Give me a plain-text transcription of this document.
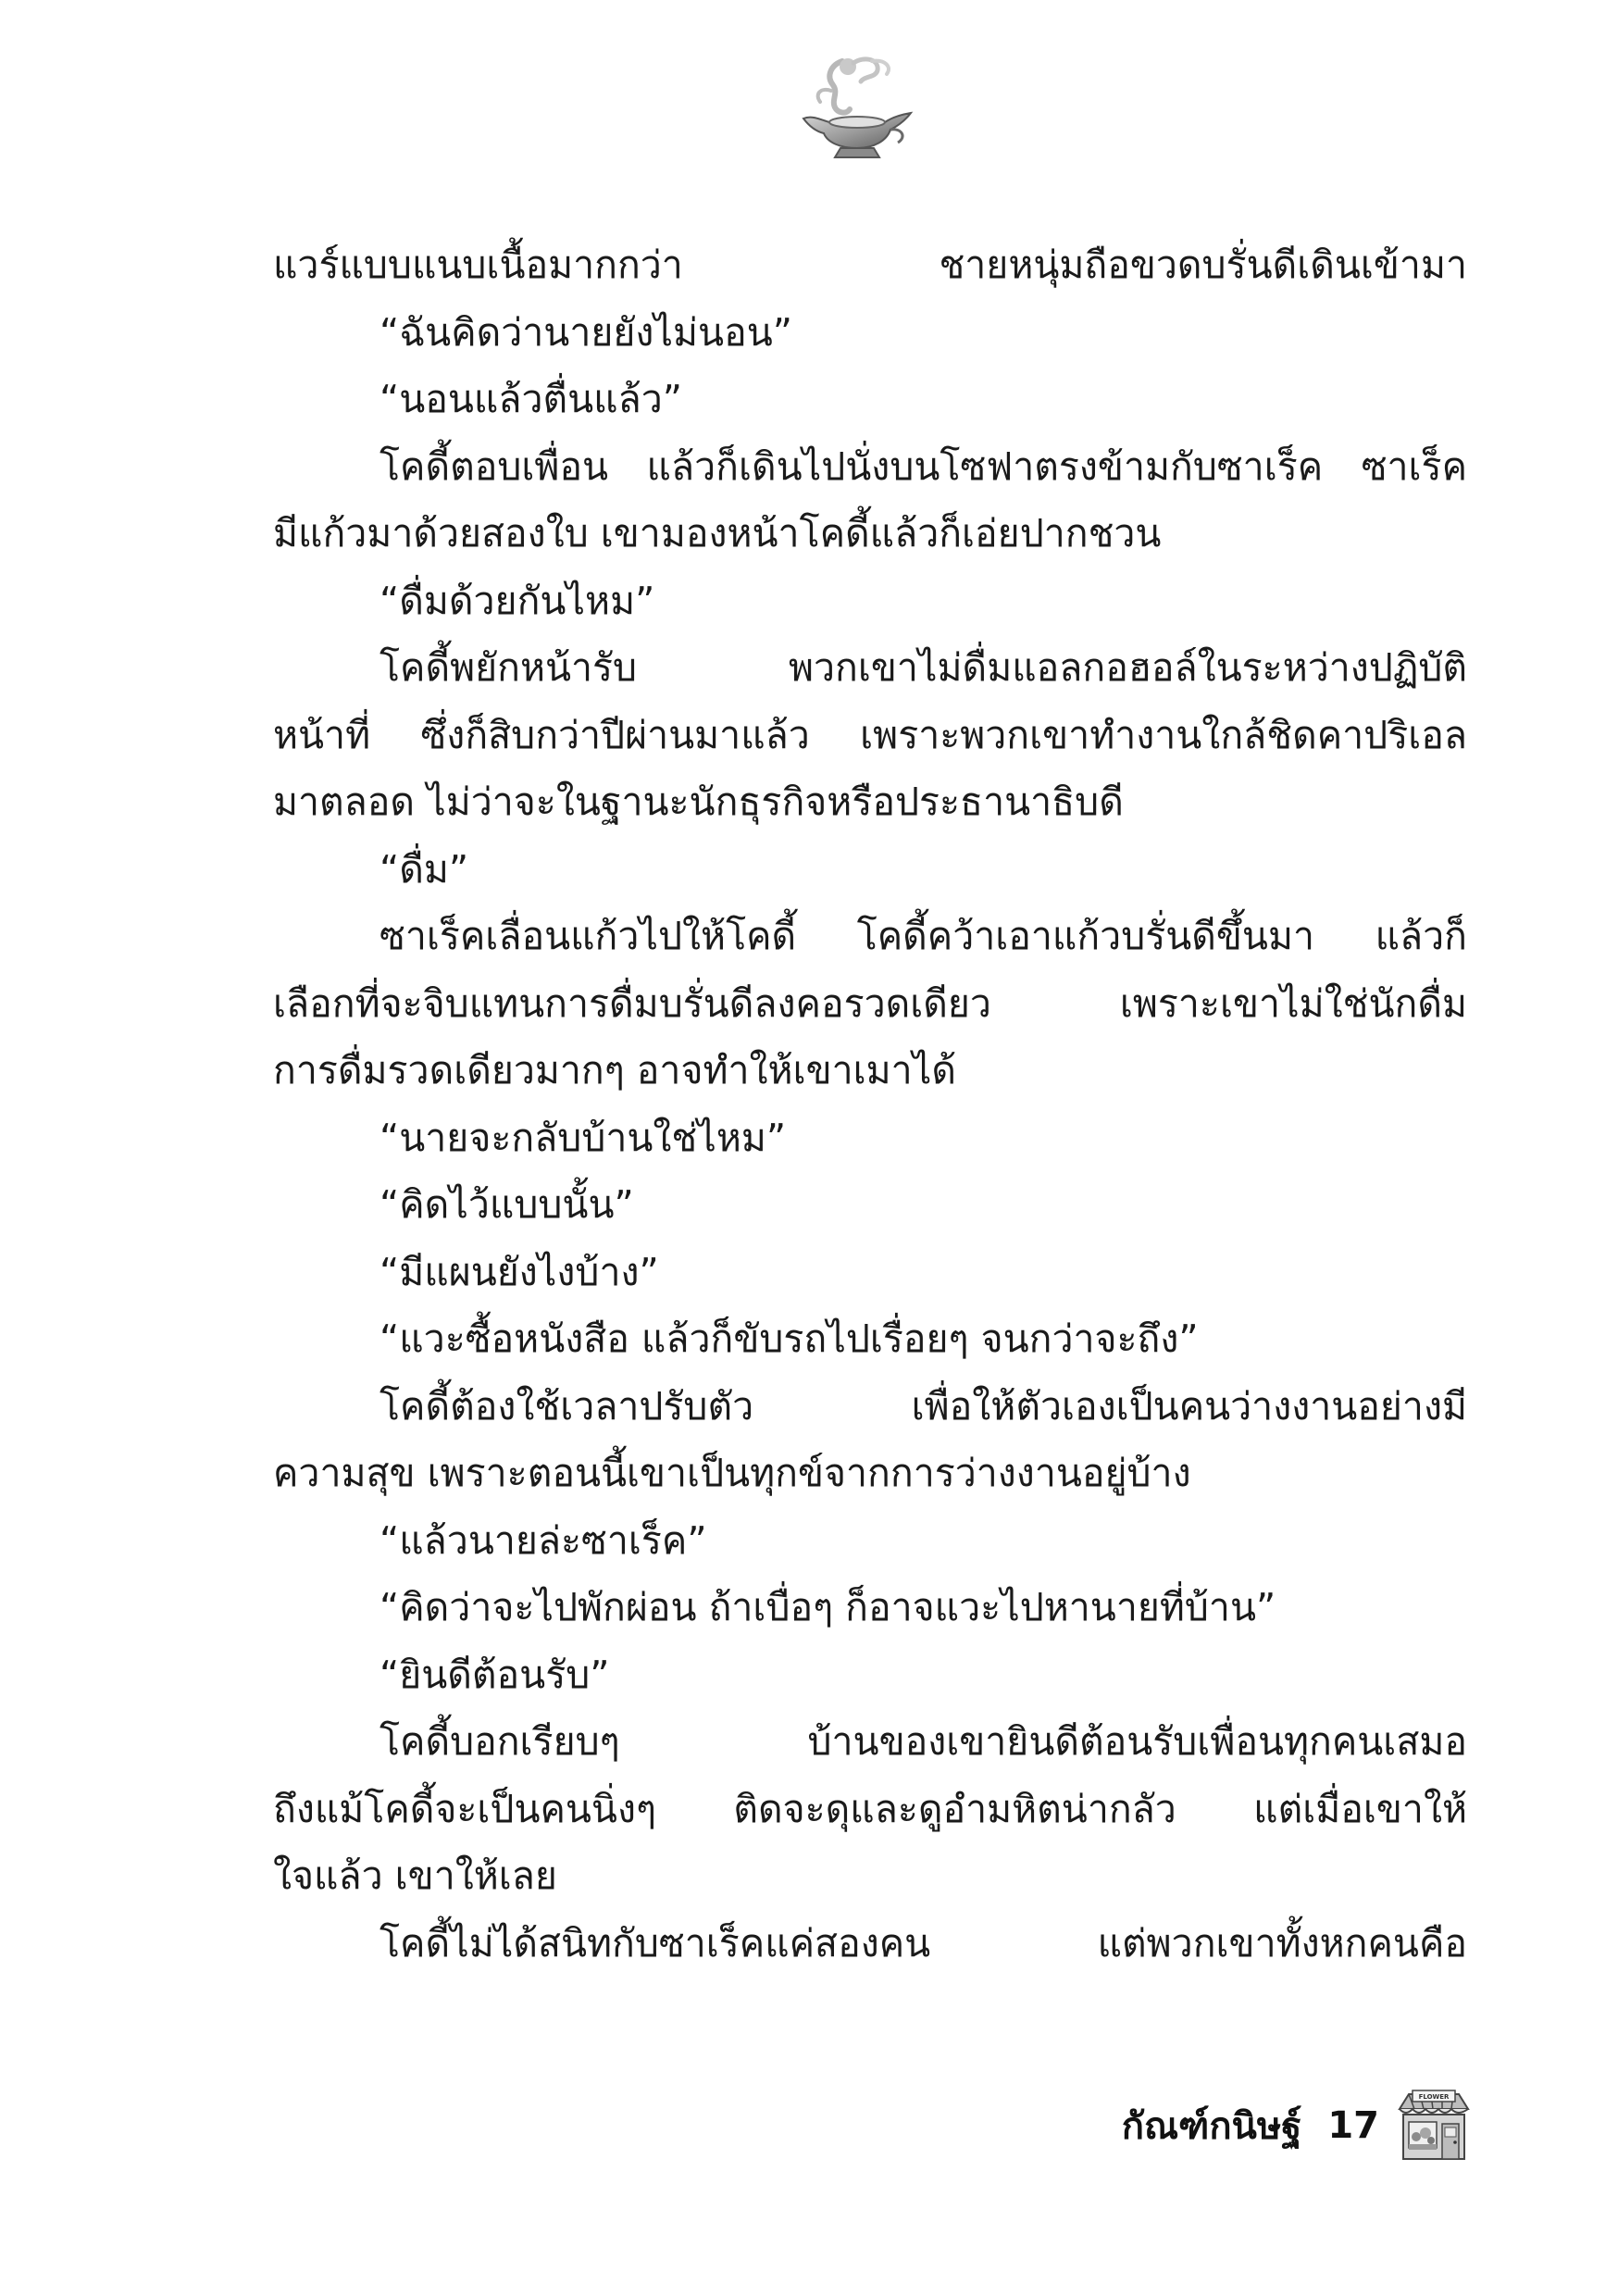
แวร์แบบแนบเนื้อมากกว่า ชายหนุ่มถือขวดบรั่นดีเดินเข้ามา
“ฉันคิดว่านายยังไม่นอน”
“นอนแล้วตื่นแล้ว”
โคดี้ตอบเพื่อน แล้วก็เดินไปนั่งบนโซฟาตรงข้ามกับซาเร็ค ซาเร็ค
มีแก้วมาด้วยสองใบ เขามองหน้าโคดี้แล้วก็เอ่ยปากชวน
“ดื่มด้วยกันไหม”
โคดี้พยักหน้ารับ พวกเขาไม่ดื่มแอลกอฮอล์ในระหว่างปฏิบัติ
หน้าที่ ซึ่งก็สิบกว่าปีผ่านมาแล้ว เพราะพวกเขาทำงานใกล้ชิดคาปริเอล
มาตลอด ไม่ว่าจะในฐานะนักธุรกิจหรือประธานาธิบดี
“ดื่ม”
ซาเร็คเลื่อนแก้วไปให้โคดี้ โคดี้คว้าเอาแก้วบรั่นดีขึ้นมา แล้วก็
เลือกที่จะจิบแทนการดื่มบรั่นดีลงคอรวดเดียว เพราะเขาไม่ใช่นักดื่ม
การดื่มรวดเดียวมากๆ อาจทำให้เขาเมาได้
“นายจะกลับบ้านใช่ไหม”
“คิดไว้แบบนั้น”
“มีแผนยังไงบ้าง”
“แวะซื้อหนังสือ แล้วก็ขับรถไปเรื่อยๆ จนกว่าจะถึง”
โคดี้ต้องใช้เวลาปรับตัว เพื่อให้ตัวเองเป็นคนว่างงานอย่างมี
ความสุข เพราะตอนนี้เขาเป็นทุกข์จากการว่างงานอยู่บ้าง
“แล้วนายล่ะซาเร็ค”
“คิดว่าจะไปพักผ่อน ถ้าเบื่อๆ ก็อาจแวะไปหานายที่บ้าน”
“ยินดีต้อนรับ”
โคดี้บอกเรียบๆ บ้านของเขายินดีต้อนรับเพื่อนทุกคนเสมอ
ถึงแม้โคดี้จะเป็นคนนิ่งๆ ติดจะดุและดูอำมหิตน่ากลัว แต่เมื่อเขาให้
ใจแล้ว เขาให้เลย
โคดี้ไม่ได้สนิทกับซาเร็คแค่สองคน แต่พวกเขาทั้งหกคนคือ
กัณฑ์กนิษฐ์ 17
FLOWER
